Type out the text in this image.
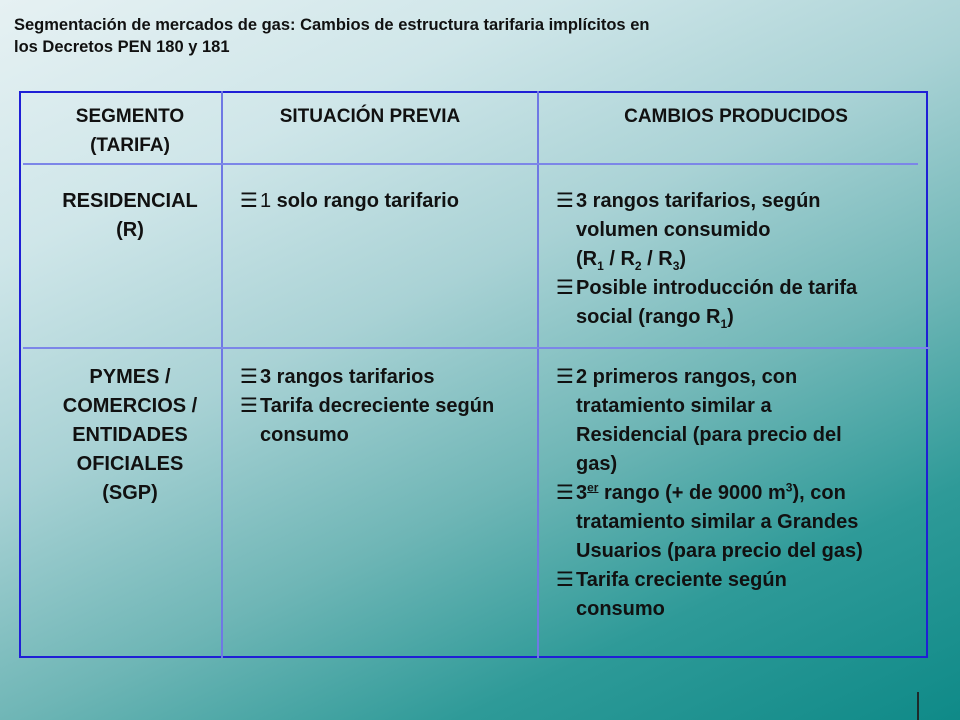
Segmentación de mercados de gas: Cambios de estructura tarifaria implícitos en
los Decretos PEN 180 y 181
SEGMENTO
(TARIFA)
SITUACIÓN PREVIA	CAMBIOS PRODUCIDOS
RESIDENCIAL
(R)
☰ 1 solo rango tarifario	☰ 3 rangos tarifarios, según
volumen consumido
$(R_1 / R_2 / R_3)$
☰ Posible introducción de tarifa
social (rango $R_1$)
PYMES /
COMERCIOS /
ENTIDADES
OFICIALES
(SGP)
☰ 3 rangos tarifarios
☰ Tarifa decreciente según
consumo
☰ 2 primeros rangos, con
tratamiento similar a
Residencial (para precio del
gas)
☰ 3er rango (+ de 9000 $m^3$), con
tratamiento similar a Grandes
Usuarios (para precio del gas)
☰ Tarifa creciente según
consumo
